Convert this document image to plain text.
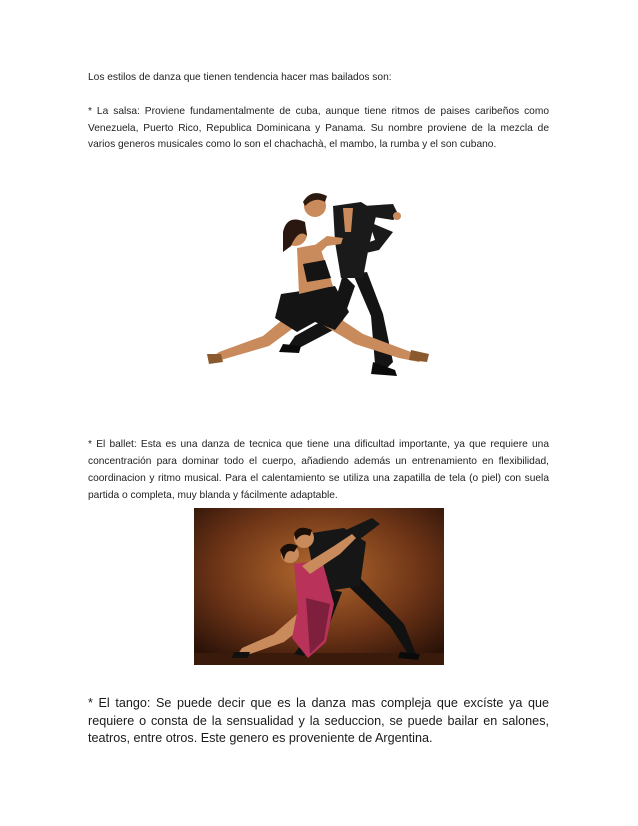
Los estilos de danza que tienen tendencia hacer mas bailados son:

* La salsa: Proviene fundamentalmente de cuba, aunque tiene ritmos de paises caribeños como Venezuela, Puerto Rico, Republica Dominicana y Panama. Su nombre proviene de la mezcla de varios generos musicales como lo son el chachachà, el mambo, la rumba y el son cubano.

* El ballet: Esta es una danza de tecnica que tiene una dificultad importante, ya que requiere una concentración para dominar todo el cuerpo, añadiendo además un entrenamiento en flexibilidad, coordinacion y ritmo musical. Para el calentamiento se utiliza una zapatilla de tela (o piel) con suela partida o completa, muy blanda y fácilmente adaptable.

* El tango: Se puede decir que es la danza mas compleja que excíste ya que requiere o consta de la sensualidad y la seduccion, se puede bailar en salones, teatros, entre otros. Este genero es proveniente de Argentina.
